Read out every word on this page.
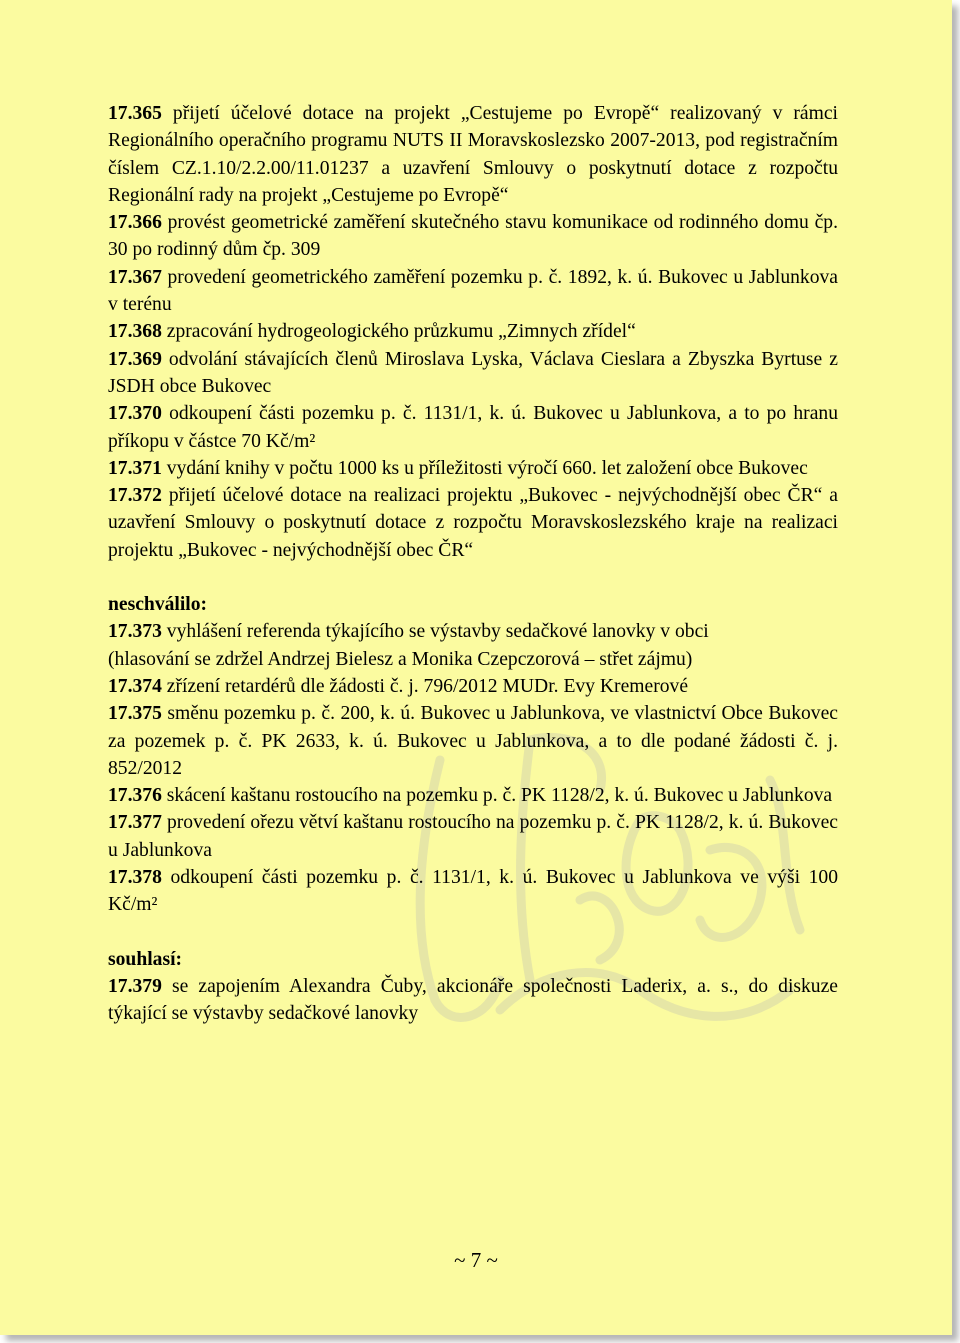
17.365 přijetí účelové dotace na projekt „Cestujeme po Evropě“ realizovaný v rámci Regionálního operačního programu NUTS II Moravskoslezsko 2007-2013, pod registračním číslem CZ.1.10/2.2.00/11.01237 a uzavření Smlouvy o poskytnutí dotace z rozpočtu Regionální rady na projekt „Cestujeme po Evropě“
17.366 provést geometrické zaměření skutečného stavu komunikace od rodinného domu čp. 30 po rodinný dům čp. 309
17.367 provedení geometrického zaměření pozemku p. č. 1892, k. ú. Bukovec u Jablunkova v terénu
17.368 zpracování hydrogeologického průzkumu „Zimnych zřídel“
17.369 odvolání stávajících členů Miroslava Lyska, Václava Cieslara a Zbyszka Byrtuse z JSDH obce Bukovec
17.370 odkoupení části pozemku p. č. 1131/1, k. ú. Bukovec u Jablunkova, a to po hranu příkopu v částce 70 Kč/m²
17.371 vydání knihy v počtu 1000 ks u příležitosti výročí 660. let založení obce Bukovec
17.372 přijetí účelové dotace na realizaci projektu „Bukovec - nejvýchodnější obec ČR“ a uzavření Smlouvy o poskytnutí dotace z rozpočtu Moravskoslezského kraje na realizaci projektu „Bukovec - nejvýchodnější obec ČR“
neschválilo:
17.373 vyhlášení referenda týkajícího se výstavby sedačkové lanovky v obci
(hlasování se zdržel Andrzej Bielesz a Monika Czepczorová – střet zájmu)
17.374 zřízení retardérů dle žádosti č. j. 796/2012 MUDr. Evy Kremerové
17.375 směnu pozemku p. č. 200, k. ú. Bukovec u Jablunkova, ve vlastnictví Obce Bukovec za pozemek p. č. PK 2633, k. ú. Bukovec u Jablunkova, a to dle podané žádosti č. j. 852/2012
17.376 skácení kaštanu rostoucího na pozemku p. č. PK 1128/2, k. ú. Bukovec u Jablunkova
17.377 provedení ořezu větví kaštanu rostoucího na pozemku p. č. PK 1128/2, k. ú. Bukovec u Jablunkova
17.378 odkoupení části pozemku p. č. 1131/1, k. ú. Bukovec u Jablunkova ve výši 100 Kč/m²
souhlasí:
17.379 se zapojením Alexandra Čuby, akcionáře společnosti Laderix, a. s., do diskuze týkající se výstavby sedačkové lanovky
~ 7 ~
